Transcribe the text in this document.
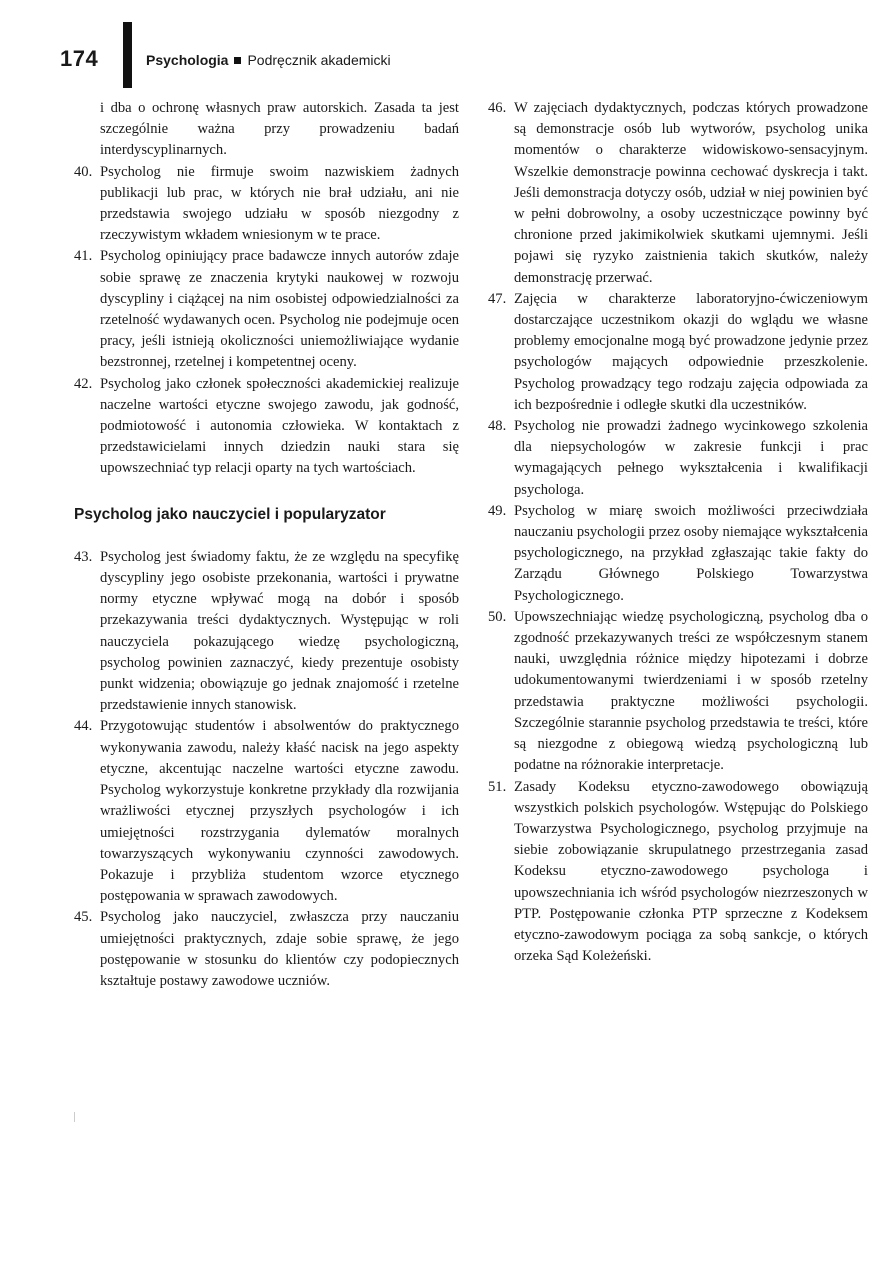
174	Psychologia Podręcznik akademicki

i dba o ochronę własnych praw autorskich. Zasada ta jest szczególnie ważna przy prowadzeniu badań interdyscyplinarnych.

40. Psycholog nie firmuje swoim nazwiskiem żadnych publikacji lub prac, w których nie brał udziału, ani nie przedstawia swojego udziału w sposób niezgodny z rzeczywistym wkładem wniesionym w te prace.
41. Psycholog opiniujący prace badawcze innych autorów zdaje sobie sprawę ze znaczenia krytyki naukowej w rozwoju dyscypliny i ciążącej na nim osobistej odpowiedzialności za rzetelność wydawanych ocen. Psycholog nie podejmuje ocen pracy, jeśli istnieją okoliczności uniemożliwiające wydanie bezstronnej, rzetelnej i kompetentnej oceny.
42. Psycholog jako członek społeczności akademickiej realizuje naczelne wartości etyczne swojego zawodu, jak godność, podmiotowość i autonomia człowieka. W kontaktach z przedstawicielami innych dziedzin nauki stara się upowszechniać typ relacji oparty na tych wartościach.
Psycholog jako nauczyciel i popularyzator
43. Psycholog jest świadomy faktu, że ze względu na specyfikę dyscypliny jego osobiste przekonania, wartości i prywatne normy etyczne wpływać mogą na dobór i sposób przekazywania treści dydaktycznych. Występując w roli nauczyciela pokazującego wiedzę psychologiczną, psycholog powinien zaznaczyć, kiedy prezentuje osobisty punkt widzenia; obowiązuje go jednak znajomość i rzetelne przedstawienie innych stanowisk.
44. Przygotowując studentów i absolwentów do praktycznego wykonywania zawodu, należy kłaść nacisk na jego aspekty etyczne, akcentując naczelne wartości etyczne zawodu. Psycholog wykorzystuje konkretne przykłady dla rozwijania wrażliwości etycznej przyszłych psychologów i ich umiejętności rozstrzygania dylematów moralnych towarzyszących wykonywaniu czynności zawodowych. Pokazuje i przybliża studentom wzorce etycznego postępowania w sprawach zawodowych.
45. Psycholog jako nauczyciel, zwłaszcza przy nauczaniu umiejętności praktycznych, zdaje sobie sprawę, że jego postępowanie w stosunku do klientów czy podopiecznych kształtuje postawy zawodowe uczniów.
46. W zajęciach dydaktycznych, podczas których prowadzone są demonstracje osób lub wytworów, psycholog unika momentów o charakterze widowiskowo-sensacyjnym. Wszelkie demonstracje powinna cechować dyskrecja i takt. Jeśli demonstracja dotyczy osób, udział w niej powinien być w pełni dobrowolny, a osoby uczestniczące powinny być chronione przed jakimikolwiek skutkami ujemnymi. Jeśli pojawi się ryzyko zaistnienia takich skutków, należy demonstrację przerwać.
47. Zajęcia w charakterze laboratoryjno-ćwiczeniowym dostarczające uczestnikom okazji do wglądu we własne problemy emocjonalne mogą być prowadzone jedynie przez psychologów mających odpowiednie przeszkolenie. Psycholog prowadzący tego rodzaju zajęcia odpowiada za ich bezpośrednie i odległe skutki dla uczestników.
48. Psycholog nie prowadzi żadnego wycinkowego szkolenia dla niepsychologów w zakresie funkcji i prac wymagających pełnego wykształcenia i kwalifikacji psychologa.
49. Psycholog w miarę swoich możliwości przeciwdziała nauczaniu psychologii przez osoby niemające wykształcenia psychologicznego, na przykład zgłaszając takie fakty do Zarządu Głównego Polskiego Towarzystwa Psychologicznego.
50. Upowszechniając wiedzę psychologiczną, psycholog dba o zgodność przekazywanych treści ze współczesnym stanem nauki, uwzględnia różnice między hipotezami i dobrze udokumentowanymi twierdzeniami i w sposób rzetelny przedstawia praktyczne możliwości psychologii. Szczególnie starannie psycholog przedstawia te treści, które są niezgodne z obiegową wiedzą psychologiczną lub podatne na różnorakie interpretacje.
51. Zasady Kodeksu etyczno-zawodowego obowiązują wszystkich polskich psychologów. Wstępując do Polskiego Towarzystwa Psychologicznego, psycholog przyjmuje na siebie zobowiązanie skrupulatnego przestrzegania zasad Kodeksu etyczno-zawodowego psychologa i upowszechniania ich wśród psychologów niezrzeszonych w PTP. Postępowanie członka PTP sprzeczne z Kodeksem etyczno-zawodowym pociąga za sobą sankcje, o których orzeka Sąd Koleżeński.
